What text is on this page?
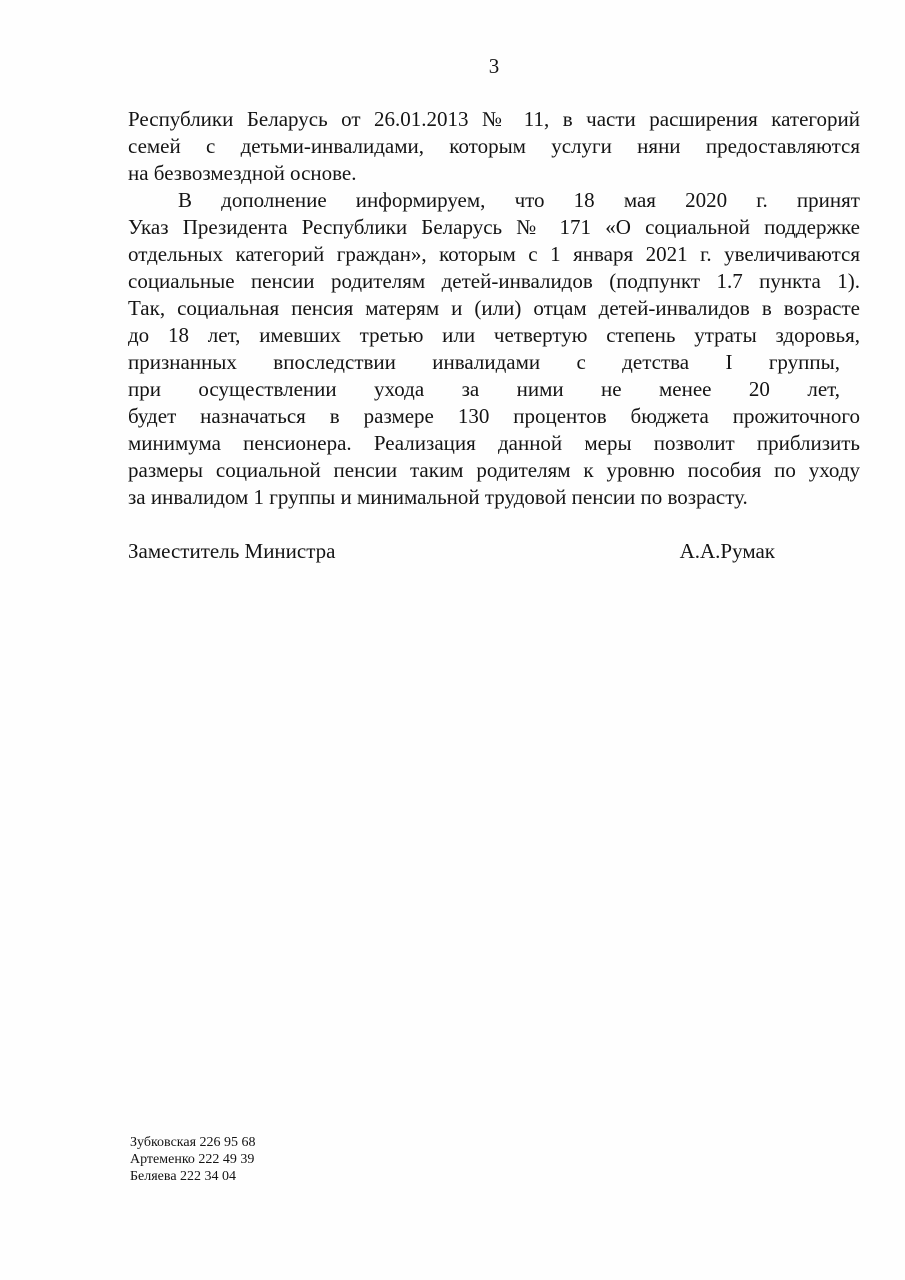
3
Республики Беларусь от 26.01.2013 № 11, в части расширения категорий
семей с детьми-инвалидами, которым услуги няни предоставляются
на безвозмездной основе.
В дополнение информируем, что 18 мая 2020 г. принят
Указ Президента Республики Беларусь № 171 «О социальной поддержке
отдельных категорий граждан», которым с 1 января 2021 г. увеличиваются
социальные пенсии родителям детей-инвалидов (подпункт 1.7 пункта 1).
Так, социальная пенсия матерям и (или) отцам детей-инвалидов в возрасте
до 18 лет, имевших третью или четвертую степень утраты здоровья,
признанных впоследствии инвалидами с детства I группы,
при осуществлении ухода за ними не менее 20 лет,
будет назначаться в размере 130 процентов бюджета прожиточного
минимума пенсионера. Реализация данной меры позволит приблизить
размеры социальной пенсии таким родителям к уровню пособия по уходу
за инвалидом 1 группы и минимальной трудовой пенсии по возрасту.
Заместитель Министра	А.А.Румак
Зубковская 226 95 68
Артеменко 222 49 39
Беляева 222 34 04
